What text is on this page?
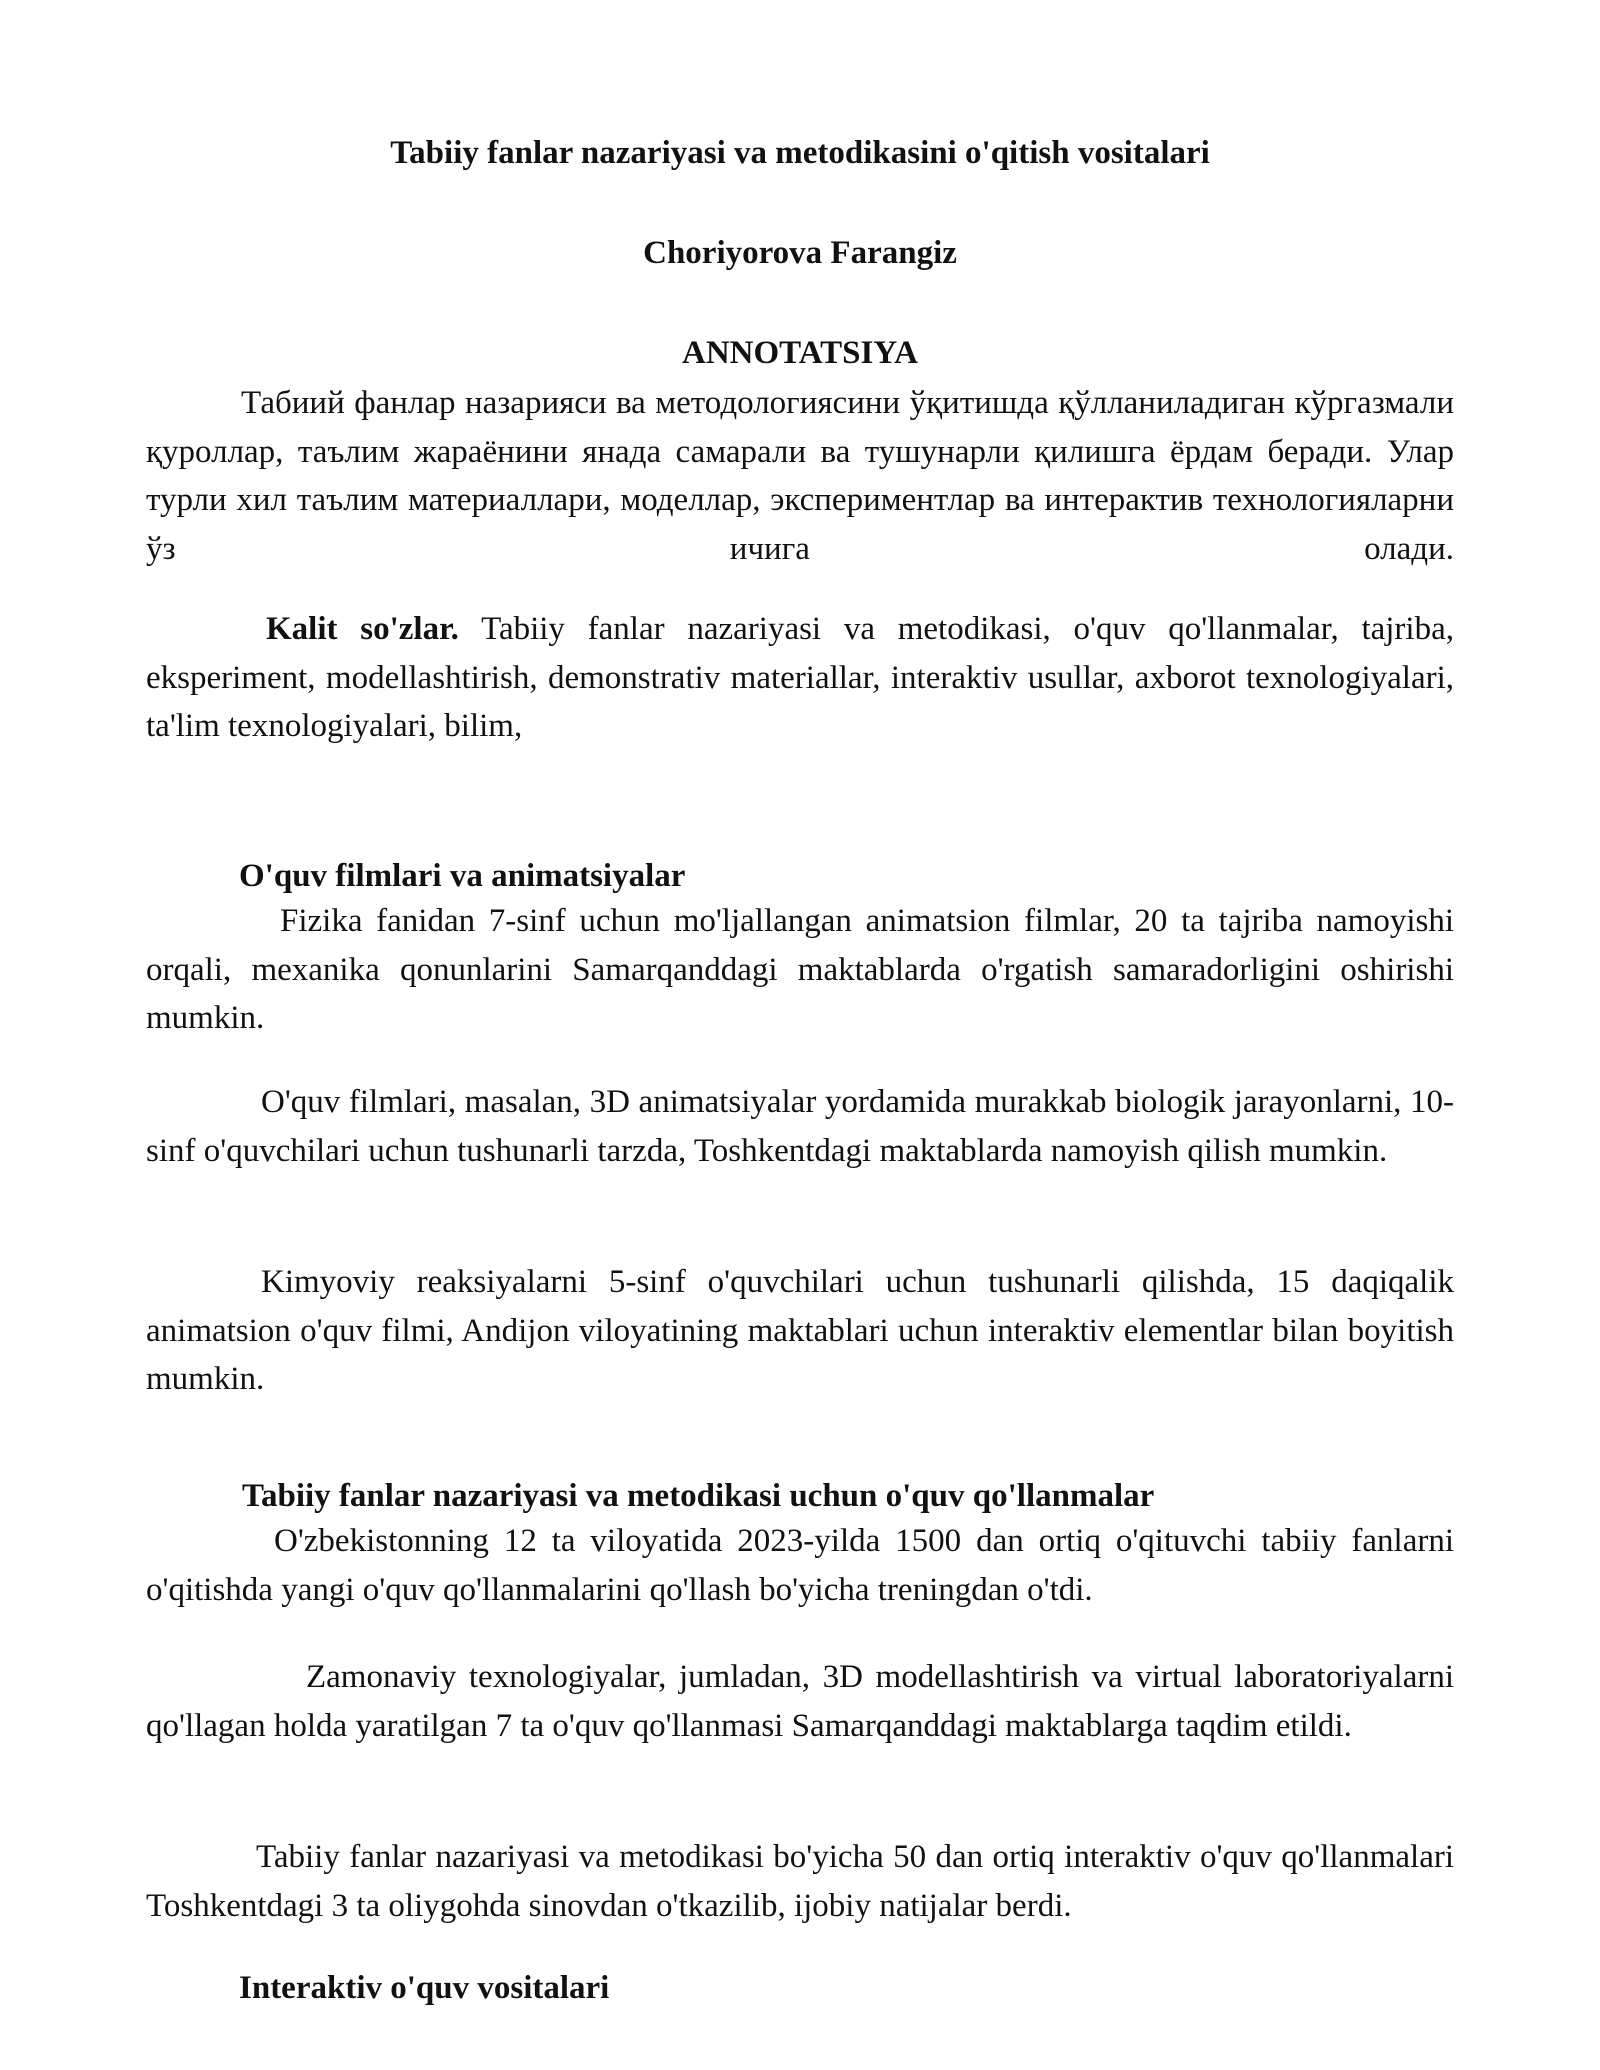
Tabiiy fanlar nazariyasi va metodikasini o'qitish vositalari
Choriyorova Farangiz
ANNOTATSIYA

Табиий фанлар назарияси ва методологиясини ўқитишда қўлланиладиган кўргазмали қуроллар, таълим жараёнини янада самарали ва тушунарли қилишга ёрдам беради. Улар турли хил таълим материаллари, моделлар, экспериментлар ва интерактив технологияларни ўз ичига олади.

Kalit so'zlar. Tabiiy fanlar nazariyasi va metodikasi, o'quv qo'llanmalar, tajriba, eksperiment, modellashtirish, demonstrativ materiallar, interaktiv usullar, axborot texnologiyalari, ta'lim texnologiyalari, bilim,

O'quv filmlari va animatsiyalar

Fizika fanidan 7-sinf uchun mo'ljallangan animatsion filmlar, 20 ta tajriba namoyishi orqali, mexanika qonunlarini Samarqanddagi maktablarda o'rgatish samaradorligini oshirishi mumkin.

O'quv filmlari, masalan, 3D animatsiyalar yordamida murakkab biologik jarayonlarni, 10-sinf o'quvchilari uchun tushunarli tarzda, Toshkentdagi maktablarda namoyish qilish mumkin.

Kimyoviy reaksiyalarni 5-sinf o'quvchilari uchun tushunarli qilishda, 15 daqiqalik animatsion o'quv filmi, Andijon viloyatining maktablari uchun interaktiv elementlar bilan boyitish mumkin.

Tabiiy fanlar nazariyasi va metodikasi uchun o'quv qo'llanmalar

O'zbekistonning 12 ta viloyatida 2023-yilda 1500 dan ortiq o'qituvchi tabiiy fanlarni o'qitishda yangi o'quv qo'llanmalarini qo'llash bo'yicha treningdan o'tdi.

Zamonaviy texnologiyalar, jumladan, 3D modellashtirish va virtual laboratoriyalarni qo'llagan holda yaratilgan 7 ta o'quv qo'llanmasi Samarqanddagi maktablarga taqdim etildi.

Tabiiy fanlar nazariyasi va metodikasi bo'yicha 50 dan ortiq interaktiv o'quv qo'llanmalari Toshkentdagi 3 ta oliygohda sinovdan o'tkazilib, ijobiy natijalar berdi.

Interaktiv o'quv vositalari
